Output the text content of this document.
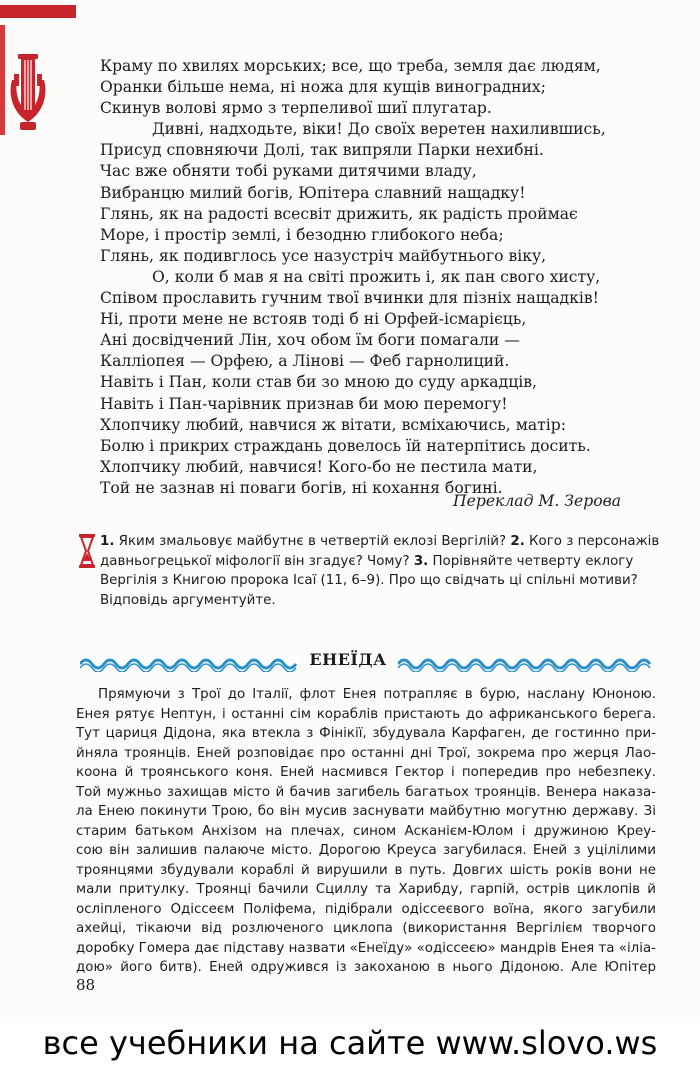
Краму по хвилях морських; все, що треба, земля дає людям,
Оранки більше нема, ні ножа для кущів виноградних;
Скинув волові ярмо з терпеливої шиї плугатар.
Дивні, надходьте, віки! До своїх веретен нахилившись,
Присуд сповняючи Долі, так випряли Парки нехибні.
Час вже обняти тобі руками дитячими владу,
Вибранцю милий богів, Юпітера славний нащадку!
Глянь, як на радості всесвіт дрижить, як радість проймає
Море, і простір землі, і безодню глибокого неба;
Глянь, як подивглось усе назустріч майбутнього віку,
О, коли б мав я на світі прожить і, як пан свого хисту,
Співом прославить гучним твої вчинки для пізніх нащадків!
Ні, проти мене не встояв тоді б ні Орфей-ісмарієць,
Ані досвідчений Лін, хоч обом їм боги помагали —
Калліопея — Орфею, а Лінові — Феб гарнолиций.
Навіть і Пан, коли став би зо мною до суду аркадців,
Навіть і Пан-чарівник признав би мою перемогу!
Хлопчику любий, навчися ж вітати, всміхаючись, матір:
Болю і прикрих страждань довелось їй натерпітись досить.
Хлопчику любий, навчися! Кого-бо не пестила мати,
Той не зазнав ні поваги богів, ні кохання богині.
Переклад М. Зерова
1. Яким змальовує майбутнє в четвертій еклозі Вергілій? 2. Кого з персонажів давньогрецької міфології він згадує? Чому? 3. Порівняйте четверту еклогу Вергілія з Книгою пророка Ісаї (11, 6–9). Про що свідчать ці спільні мотиви? Відповідь аргументуйте.
ЕНЕЇДА
Прямуючи з Трої до Італії, флот Енея потрапляє в бурю, наслану Юноною.
Енея рятує Нептун, і останні сім кораблів пристають до африканського берега.
Тут цариця Дідона, яка втекла з Фінікії, збудувала Карфаген, де гостинно при-
йняла троянців. Еней розповідає про останні дні Трої, зокрема про жерця Лао-
коона й троянського коня. Еней насмився Гектор і попередив про небезпеку.
Той мужньо захищав місто й бачив загибель багатьох троянців. Венера наказа-
ла Енею покинути Трою, бо він мусив заснувати майбутню могутню державу. Зі
старим батьком Анхізом на плечах, сином Асканієм-Юлом і дружиною Креу-
сою він залишив палаюче місто. Дорогою Креуса загубилася. Еней з уцілілими
троянцями збудували кораблі й вирушили в путь. Довгих шість років вони не
мали притулку. Троянці бачили Сциллу та Харибду, гарпій, острів циклопів й
осліпленого Одіссеєм Поліфема, підібрали одіссеєвого воїна, якого загубили
ахейці, тікаючи від розлюченого циклопа (використання Вергілієм творчого
доробку Гомера дає підставу назвати «Енеїду» «одіссеєю» мандрів Енея та «іліа-
дою» його битв). Еней одружився із закоханою в нього Дідоною. Але Юпітер
88
все учебники на сайте www.slovo.ws
